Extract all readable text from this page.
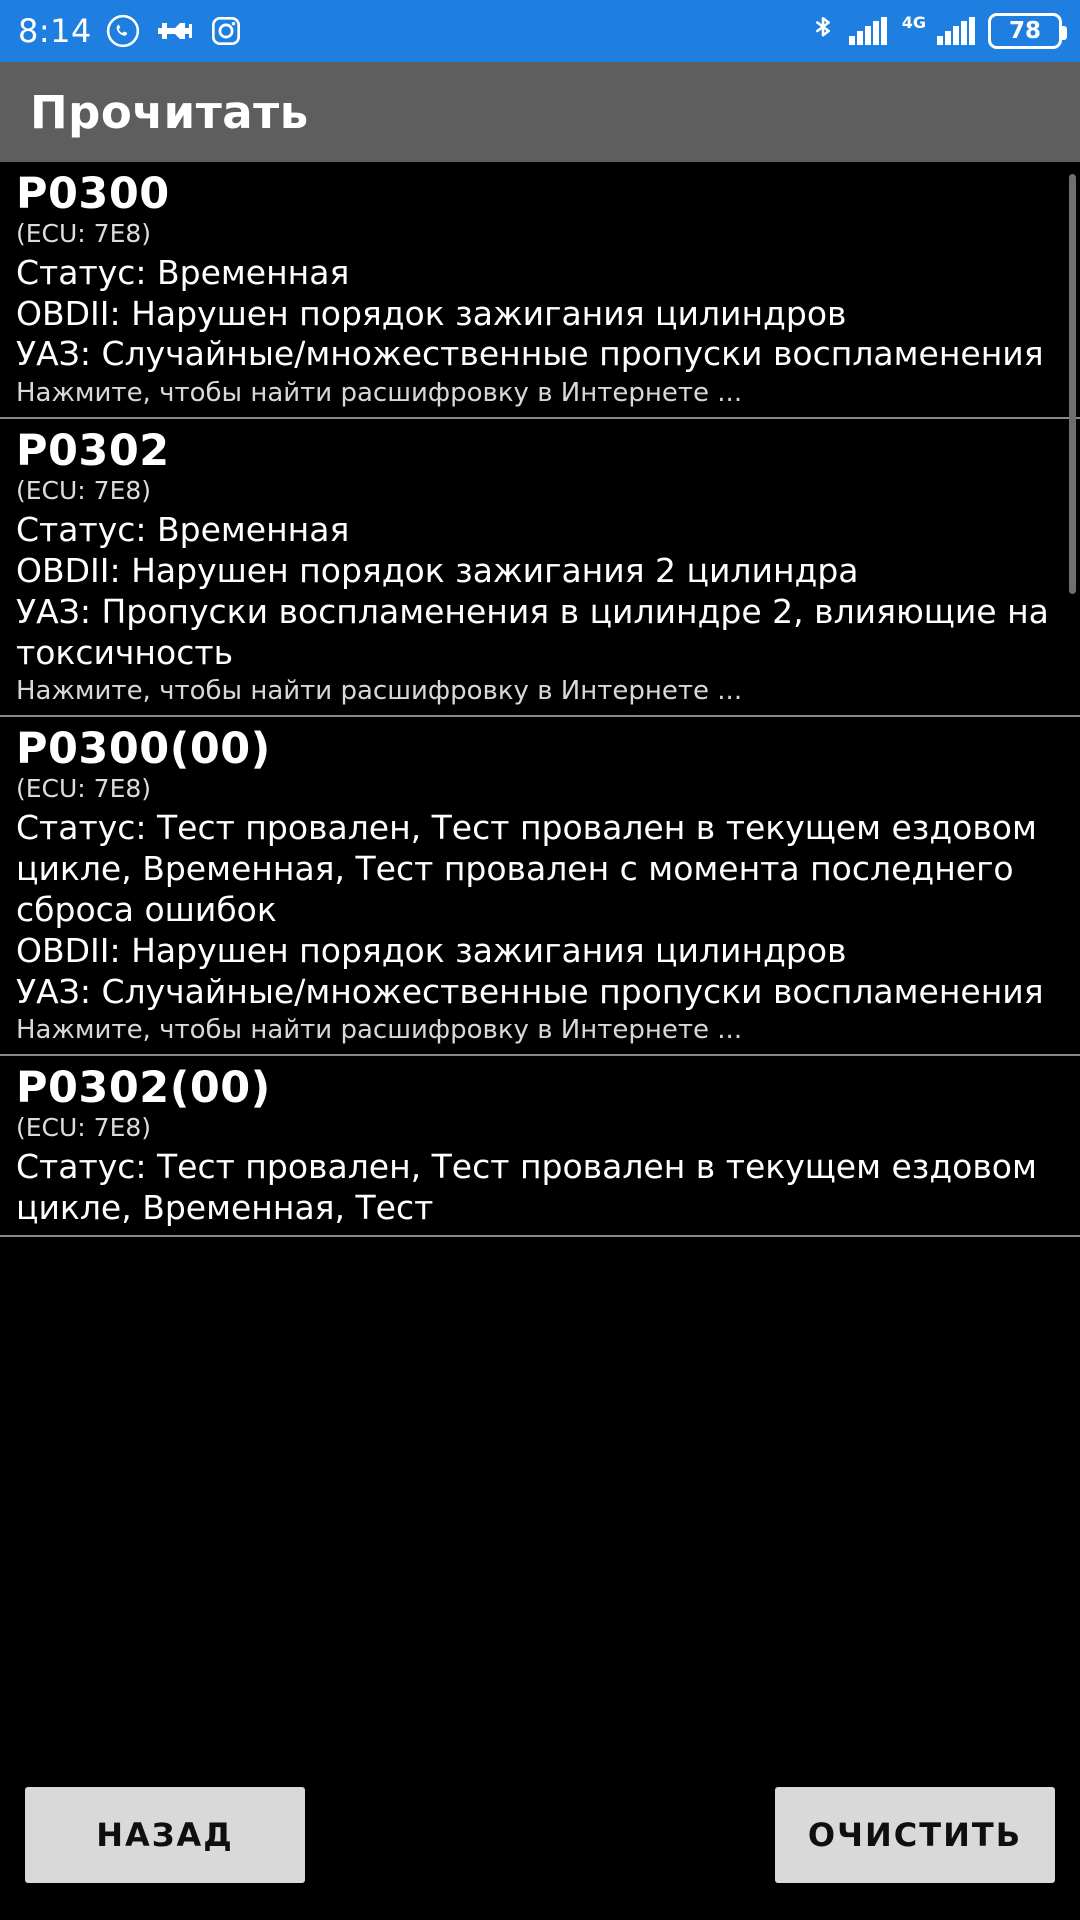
8:14	4G	78
Прочитать
P0300
(ECU: 7E8)
Статус: Временная
OBDII: Нарушен порядок зажигания цилиндров
УАЗ: Случайные/множественные пропуски воспламенения
Нажмите, чтобы найти расшифровку в Интернете ...
P0302
(ECU: 7E8)
Статус: Временная
OBDII: Нарушен порядок зажигания 2 цилиндра
УАЗ: Пропуски воспламенения в цилиндре 2, влияющие на токсичность
Нажмите, чтобы найти расшифровку в Интернете ...
P0300(00)
(ECU: 7E8)
Статус: Тест провален, Тест провален в текущем ездовом цикле, Временная, Тест провален с момента последнего сброса ошибок
OBDII: Нарушен порядок зажигания цилиндров
УАЗ: Случайные/множественные пропуски воспламенения
Нажмите, чтобы найти расшифровку в Интернете ...
P0302(00)
(ECU: 7E8)
Статус: Тест провален, Тест провален в текущем ездовом цикле, Временная, Тест
НАЗАД	ОЧИСТИТЬ
